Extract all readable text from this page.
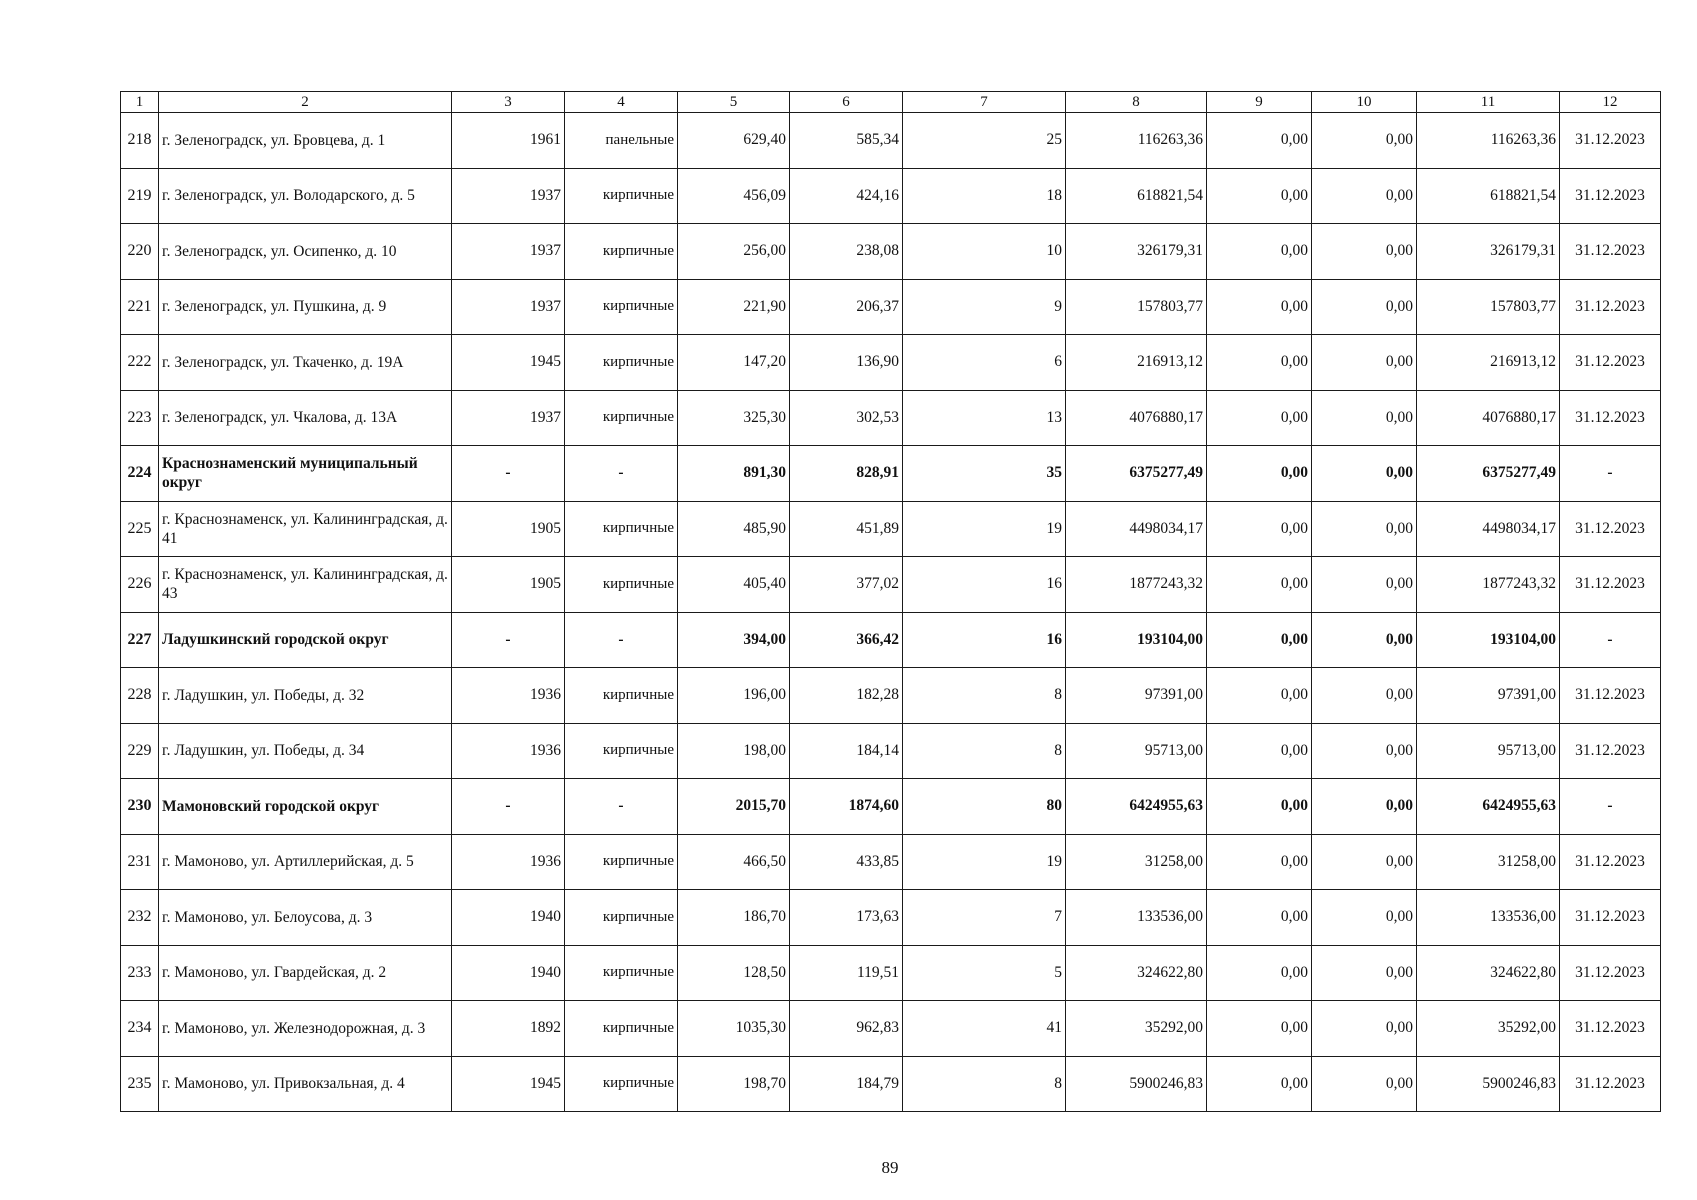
1	2	3	4	5	6	7	8	9	10	11	12
218	г. Зеленоградск, ул. Бровцева, д. 1	1961	панельные	629,40	585,34	25	116263,36	0,00	0,00	116263,36	31.12.2023
219	г. Зеленоградск, ул. Володарского, д. 5	1937	кирпичные	456,09	424,16	18	618821,54	0,00	0,00	618821,54	31.12.2023
220	г. Зеленоградск, ул. Осипенко, д. 10	1937	кирпичные	256,00	238,08	10	326179,31	0,00	0,00	326179,31	31.12.2023
221	г. Зеленоградск, ул. Пушкина, д. 9	1937	кирпичные	221,90	206,37	9	157803,77	0,00	0,00	157803,77	31.12.2023
222	г. Зеленоградск, ул. Ткаченко, д. 19А	1945	кирпичные	147,20	136,90	6	216913,12	0,00	0,00	216913,12	31.12.2023
223	г. Зеленоградск, ул. Чкалова, д. 13А	1937	кирпичные	325,30	302,53	13	4076880,17	0,00	0,00	4076880,17	31.12.2023
224	Краснознаменский муниципальный округ	-	-	891,30	828,91	35	6375277,49	0,00	0,00	6375277,49	-
225	г. Краснознаменск, ул. Калининградская, д. 41	1905	кирпичные	485,90	451,89	19	4498034,17	0,00	0,00	4498034,17	31.12.2023
226	г. Краснознаменск, ул. Калининградская, д. 43	1905	кирпичные	405,40	377,02	16	1877243,32	0,00	0,00	1877243,32	31.12.2023
227	Ладушкинский городской округ	-	-	394,00	366,42	16	193104,00	0,00	0,00	193104,00	-
228	г. Ладушкин, ул. Победы, д. 32	1936	кирпичные	196,00	182,28	8	97391,00	0,00	0,00	97391,00	31.12.2023
229	г. Ладушкин, ул. Победы, д. 34	1936	кирпичные	198,00	184,14	8	95713,00	0,00	0,00	95713,00	31.12.2023
230	Мамоновский городской округ	-	-	2015,70	1874,60	80	6424955,63	0,00	0,00	6424955,63	-
231	г. Мамоново, ул. Артиллерийская, д. 5	1936	кирпичные	466,50	433,85	19	31258,00	0,00	0,00	31258,00	31.12.2023
232	г. Мамоново, ул. Белоусова, д. 3	1940	кирпичные	186,70	173,63	7	133536,00	0,00	0,00	133536,00	31.12.2023
233	г. Мамоново, ул. Гвардейская, д. 2	1940	кирпичные	128,50	119,51	5	324622,80	0,00	0,00	324622,80	31.12.2023
234	г. Мамоново, ул. Железнодорожная, д. 3	1892	кирпичные	1035,30	962,83	41	35292,00	0,00	0,00	35292,00	31.12.2023
235	г. Мамоново, ул. Привокзальная, д. 4	1945	кирпичные	198,70	184,79	8	5900246,83	0,00	0,00	5900246,83	31.12.2023
89
